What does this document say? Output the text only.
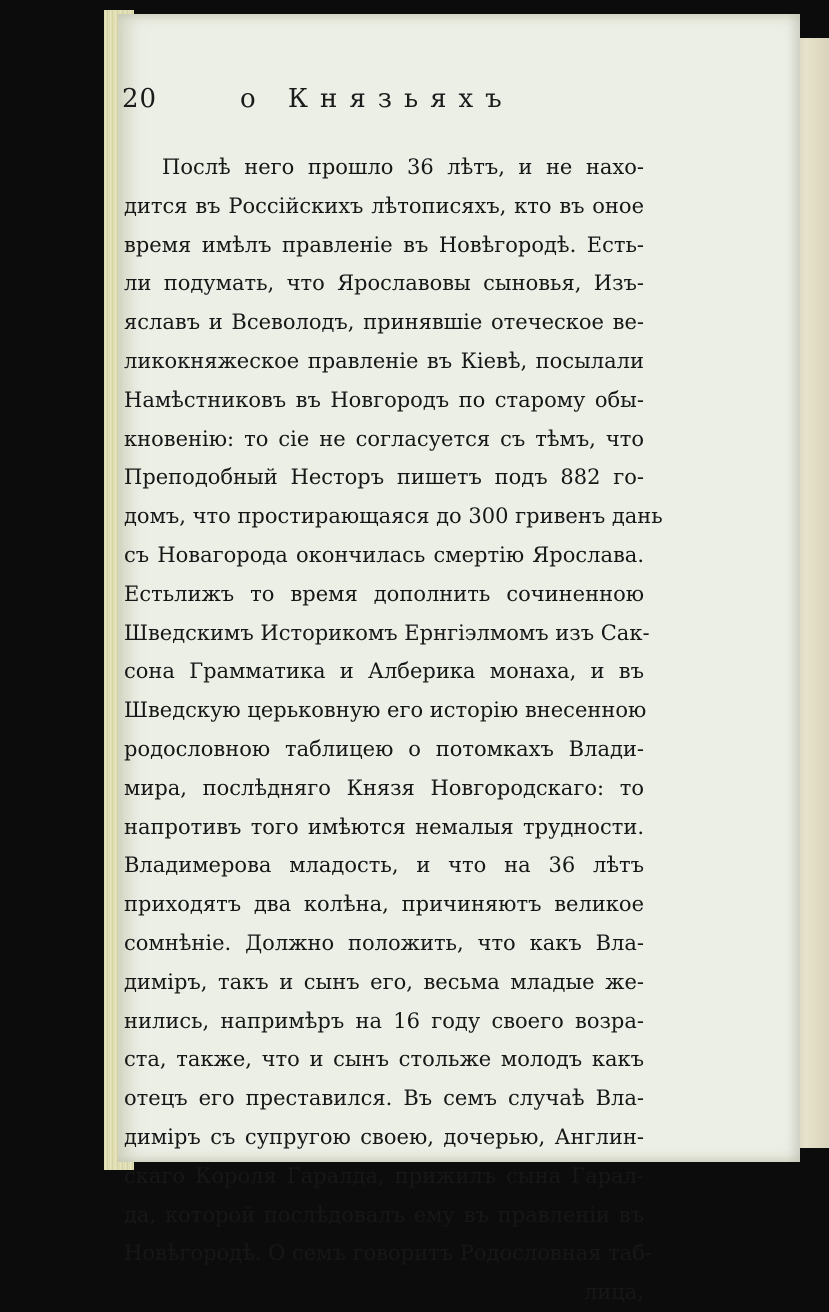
20	о Князьяхъ
Послѣ него прошло 36 лѣтъ, и не нахо-
дится въ Россійскихъ лѣтописяхъ, кто въ оное
время имѣлъ правленіе въ Новѣгородѣ. Есть-
ли подумать, что Ярославовы сыновья, Изъ-
яславъ и Всеволодъ, принявшіе отеческое ве-
ликокняжеское правленіе въ Кіевѣ, посылали
Намѣстниковъ въ Новгородъ по старому обы-
кновенію: то сіе не согласуется съ тѣмъ, что
Преподобный Несторъ пишетъ подъ 882 го-
домъ, что простирающаяся до 300 гривенъ дань
съ Новагорода окончилась смертію Ярослава.
Естьлижъ то время дополнить сочиненною
Шведскимъ Историкомъ Ернгіэлмомъ изъ Сак-
сона Грамматика и Алберика монаха, и въ
Шведскую церьковную его исторію внесенною
родословною таблицею о потомкахъ Влади-
мира, послѣдняго Князя Новгородскаго: то
напротивъ того имѣются немалыя трудности.
Владимерова младость, и что на 36 лѣтъ
приходятъ два колѣна, причиняютъ великое
сомнѣніе. Должно положить, что какъ Вла-
диміръ, такъ и сынъ его, весьма младые же-
нились, напримѣръ на 16 году своего возра-
ста, также, что и сынъ стольже молодъ какъ
отецъ его преставился. Въ семъ случаѣ Вла-
диміръ съ супругою своею, дочерью, Англин-
скаго Короля Гаралда, прижилъ сына Гарал-
да, которой послѣдовалъ ему въ правленіи въ
Новѣгородѣ. О семъ говоритъ Родословная таб-
лица,
